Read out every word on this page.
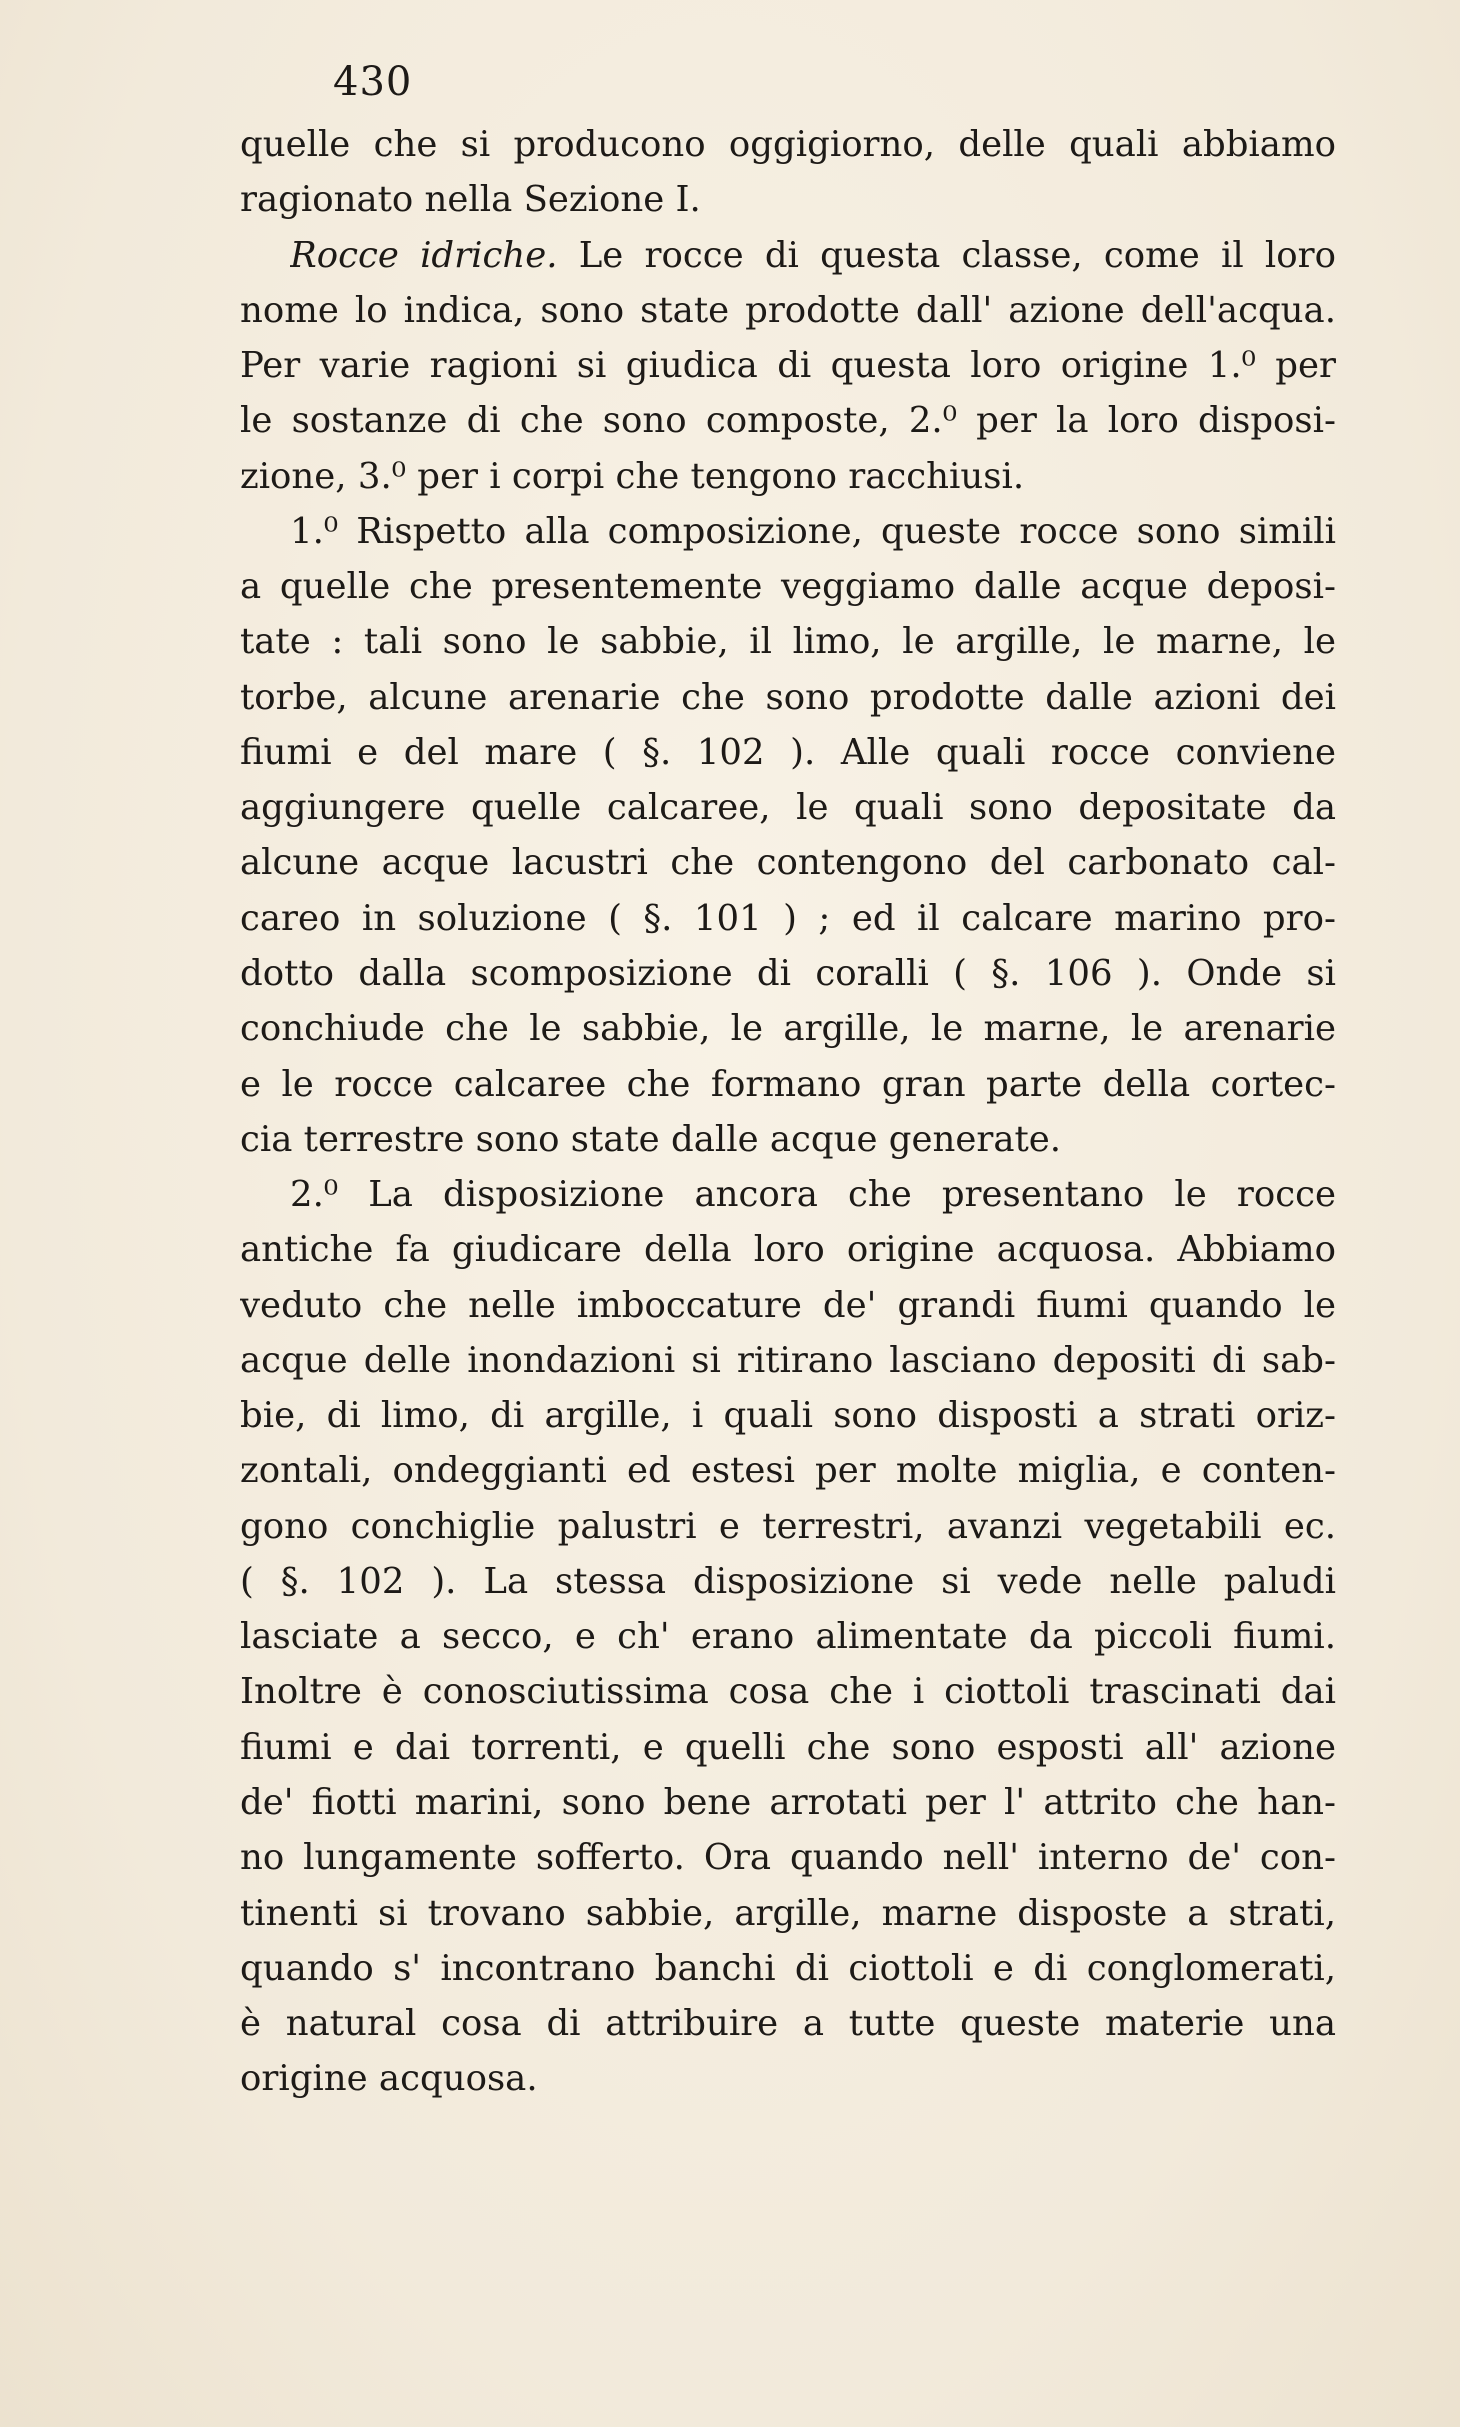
430
quelle che si producono oggigiorno, delle quali abbiamo
ragionato nella Sezione I.
Rocce idriche. Le rocce di questa classe, come il loro
nome lo indica, sono state prodotte dall' azione dell'acqua.
Per varie ragioni si giudica di questa loro origine 1.⁰ per
le sostanze di che sono composte, 2.⁰ per la loro disposi-
zione, 3.⁰ per i corpi che tengono racchiusi.
1.⁰ Rispetto alla composizione, queste rocce sono simili
a quelle che presentemente veggiamo dalle acque deposi-
tate : tali sono le sabbie, il limo, le argille, le marne, le
torbe, alcune arenarie che sono prodotte dalle azioni dei
fiumi e del mare ( §. 102 ). Alle quali rocce conviene
aggiungere quelle calcaree, le quali sono depositate da
alcune acque lacustri che contengono del carbonato cal-
careo in soluzione ( §. 101 ) ; ed il calcare marino pro-
dotto dalla scomposizione di coralli ( §. 106 ). Onde si
conchiude che le sabbie, le argille, le marne, le arenarie
e le rocce calcaree che formano gran parte della cortec-
cia terrestre sono state dalle acque generate.
2.⁰ La disposizione ancora che presentano le rocce
antiche fa giudicare della loro origine acquosa. Abbiamo
veduto che nelle imboccature de' grandi fiumi quando le
acque delle inondazioni si ritirano lasciano depositi di sab-
bie, di limo, di argille, i quali sono disposti a strati oriz-
zontali, ondeggianti ed estesi per molte miglia, e conten-
gono conchiglie palustri e terrestri, avanzi vegetabili ec.
( §. 102 ). La stessa disposizione si vede nelle paludi
lasciate a secco, e ch' erano alimentate da piccoli fiumi.
Inoltre è conosciutissima cosa che i ciottoli trascinati dai
fiumi e dai torrenti, e quelli che sono esposti all' azione
de' fiotti marini, sono bene arrotati per l' attrito che han-
no lungamente sofferto. Ora quando nell' interno de' con-
tinenti si trovano sabbie, argille, marne disposte a strati,
quando s' incontrano banchi di ciottoli e di conglomerati,
è natural cosa di attribuire a tutte queste materie una
origine acquosa.
